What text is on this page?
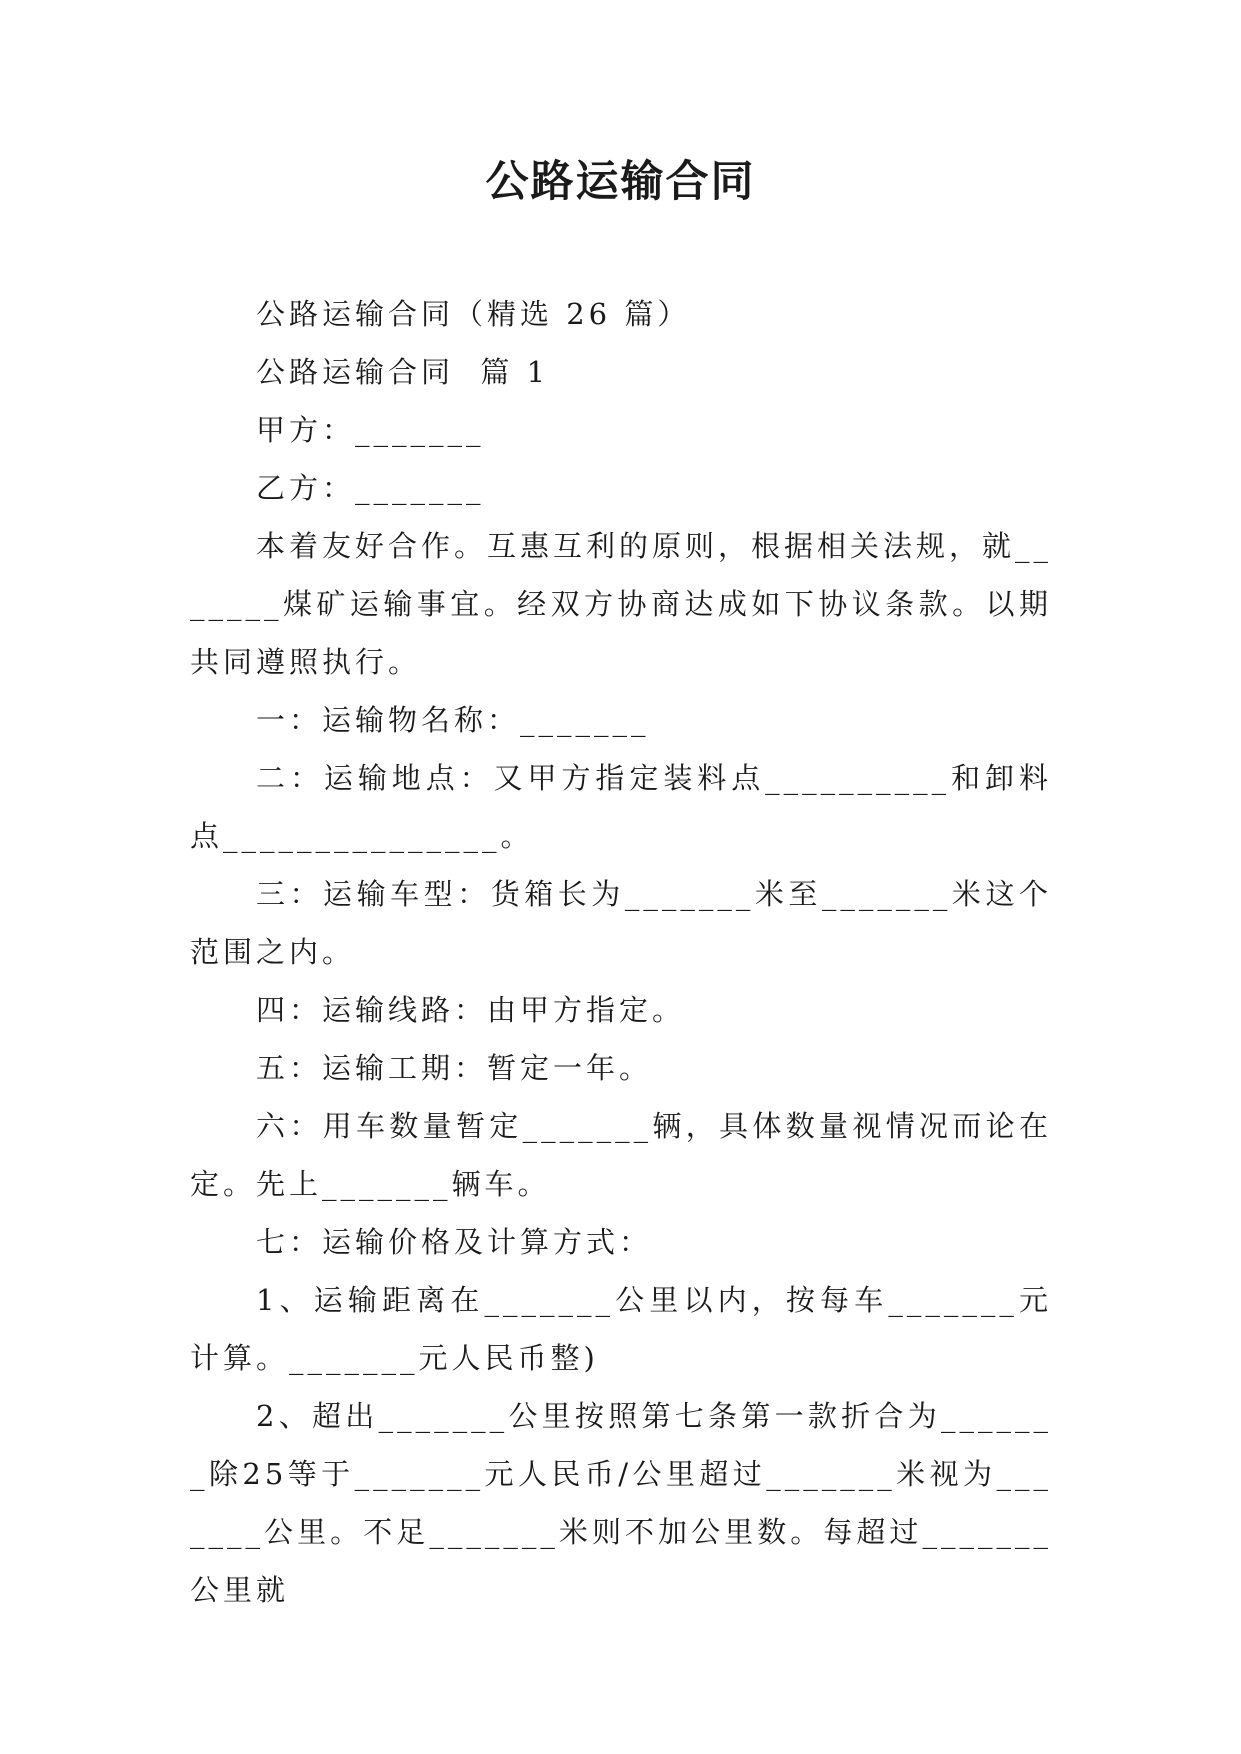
公路运输合同

公路运输合同（精选 26 篇）

公路运输合同  篇 1

甲方：_______

乙方：_______

本着友好合作。互惠互利的原则，根据相关法规，就_______煤矿运输事宜。经双方协商达成如下协议条款。以期共同遵照执行。

一：运输物名称：_______

二：运输地点：又甲方指定装料点__________和卸料点_______________。

三：运输车型：货箱长为_______米至_______米这个范围之内。

四：运输线路：由甲方指定。

五：运输工期：暂定一年。

六：用车数量暂定_______辆，具体数量视情况而论在定。先上_______辆车。

七：运输价格及计算方式：

1、运输距离在_______公里以内，按每车_______元计算。_______元人民币整)

2、超出_______公里按照第七条第一款折合为_______除25等于_______元人民币/公里超过_______米视为_______公里。不足_______米则不加公里数。每超过_______公里就
